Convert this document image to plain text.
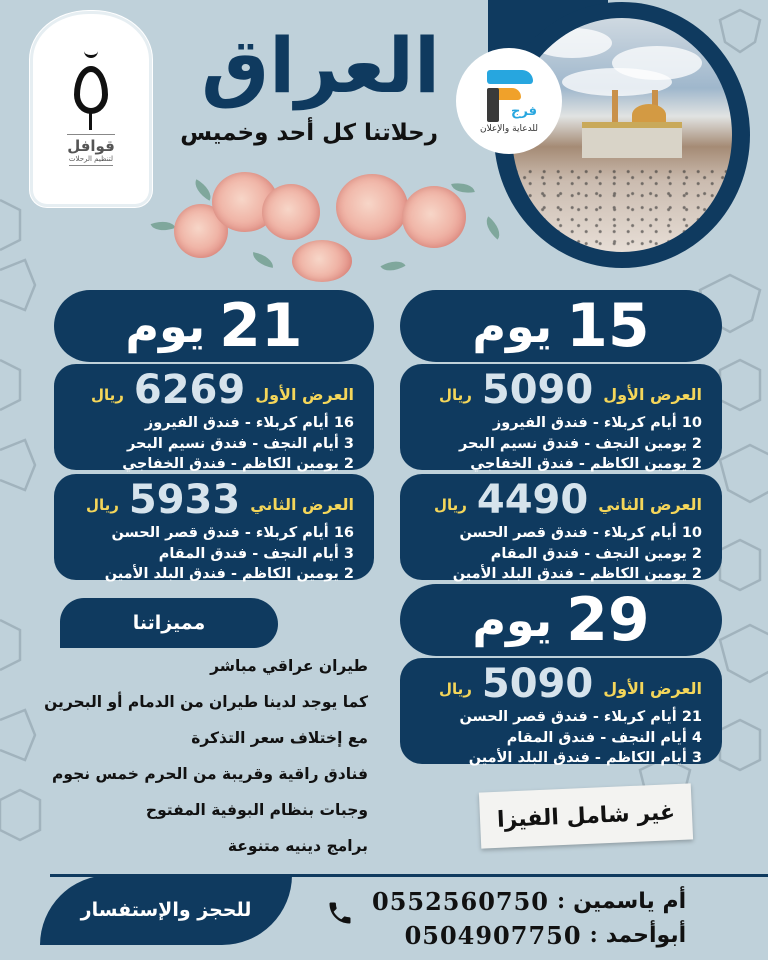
قوافل
لتنظيم الرحلات
العراق
رحلاتنا كل أحد وخميس
فرج
للدعاية والإعلان
15
يوم
العرض الأول
5090
ريال
10 أيام كربلاء - فندق الفيروز
2 يومين النجف - فندق نسيم البحر
2 يومين الكاظم - فندق الخفاجي
العرض الثاني
4490
ريال
10 أيام كربلاء - فندق قصر الحسن
2 يومين النجف - فندق المقام
2 يومين الكاظم - فندق البلد الأمين
21
يوم
العرض الأول
6269
ريال
16 أيام كربلاء - فندق الفيروز
3 أيام النجف - فندق نسيم البحر
2 يومين الكاظم - فندق الخفاجي
العرض الثاني
5933
ريال
16 أيام كربلاء - فندق قصر الحسن
3 أيام النجف - فندق المقام
2 يومين الكاظم - فندق البلد الأمين
29
يوم
العرض الأول
5090
ريال
21 أيام كربلاء - فندق قصر الحسن
4 أيام النجف - فندق المقام
3 أيام الكاظم - فندق البلد الأمين
مميزاتنا
طيران عراقي مباشر
كما يوجد لدينا طيران من الدمام أو البحرين
مع إختلاف سعر التذكرة
فنادق راقية وقريبة من الحرم خمس نجوم
وجبات بنظام البوفية المفتوح
برامج دينيه متنوعة
غير شامل الفيزا
للحجز والإستفسار	أم ياسمين
:
0552560750
أبوأحمد
:
0504907750
